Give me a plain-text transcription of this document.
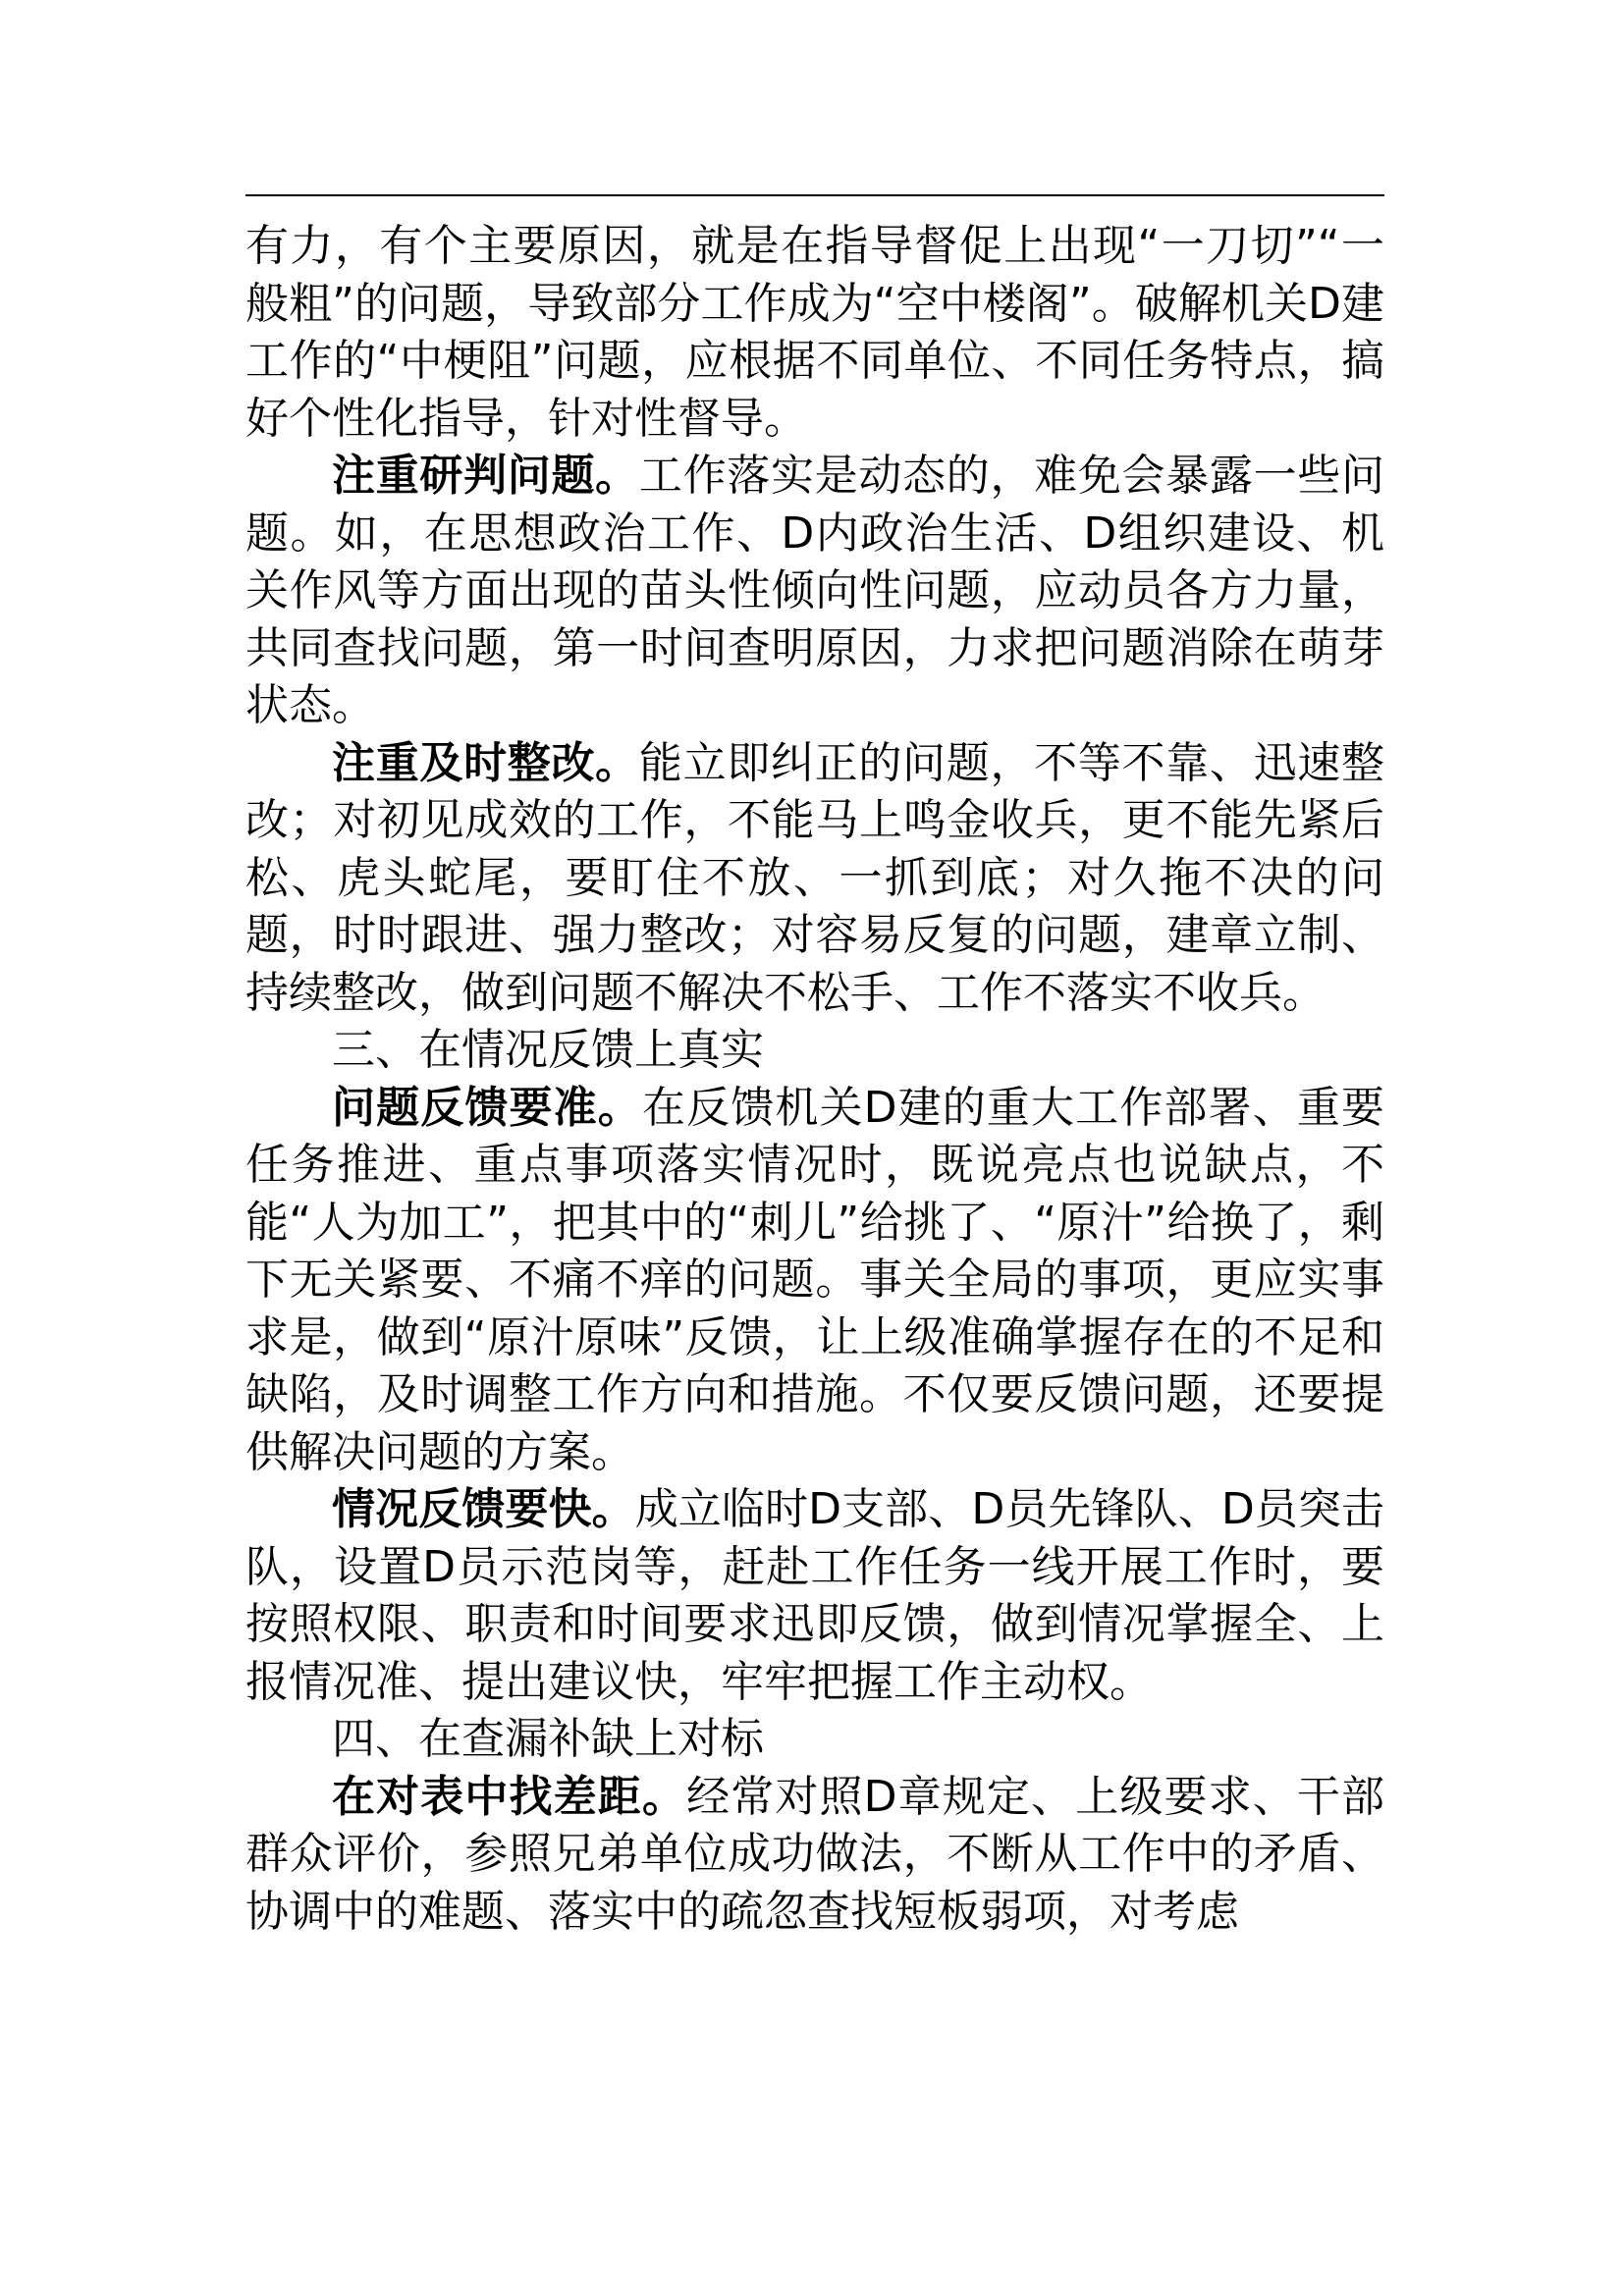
有力，有个主要原因，就是在指导督促上出现“一刀切”“一般粗”的问题，导致部分工作成为“空中楼阁”。破解机关D建工作的“中梗阻”问题，应根据不同单位、不同任务特点，搞好个性化指导，针对性督导。

注重研判问题。工作落实是动态的，难免会暴露一些问题。如，在思想政治工作、D内政治生活、D组织建设、机关作风等方面出现的苗头性倾向性问题，应动员各方力量，共同查找问题，第一时间查明原因，力求把问题消除在萌芽状态。

注重及时整改。能立即纠正的问题，不等不靠、迅速整改；对初见成效的工作，不能马上鸣金收兵，更不能先紧后松、虎头蛇尾，要盯住不放、一抓到底；对久拖不决的问题，时时跟进、强力整改；对容易反复的问题，建章立制、持续整改，做到问题不解决不松手、工作不落实不收兵。

三、在情况反馈上真实

问题反馈要准。在反馈机关D建的重大工作部署、重要任务推进、重点事项落实情况时，既说亮点也说缺点，不能“人为加工”，把其中的“刺儿”给挑了、“原汁”给换了，剩下无关紧要、不痛不痒的问题。事关全局的事项，更应实事求是，做到“原汁原味”反馈，让上级准确掌握存在的不足和缺陷，及时调整工作方向和措施。不仅要反馈问题，还要提供解决问题的方案。

情况反馈要快。成立临时D支部、D员先锋队、D员突击队，设置D员示范岗等，赶赴工作任务一线开展工作时，要按照权限、职责和时间要求迅即反馈，做到情况掌握全、上报情况准、提出建议快，牢牢把握工作主动权。

四、在查漏补缺上对标

在对表中找差距。经常对照D章规定、上级要求、干部群众评价，参照兄弟单位成功做法，不断从工作中的矛盾、协调中的难题、落实中的疏忽查找短板弱项，对考虑
